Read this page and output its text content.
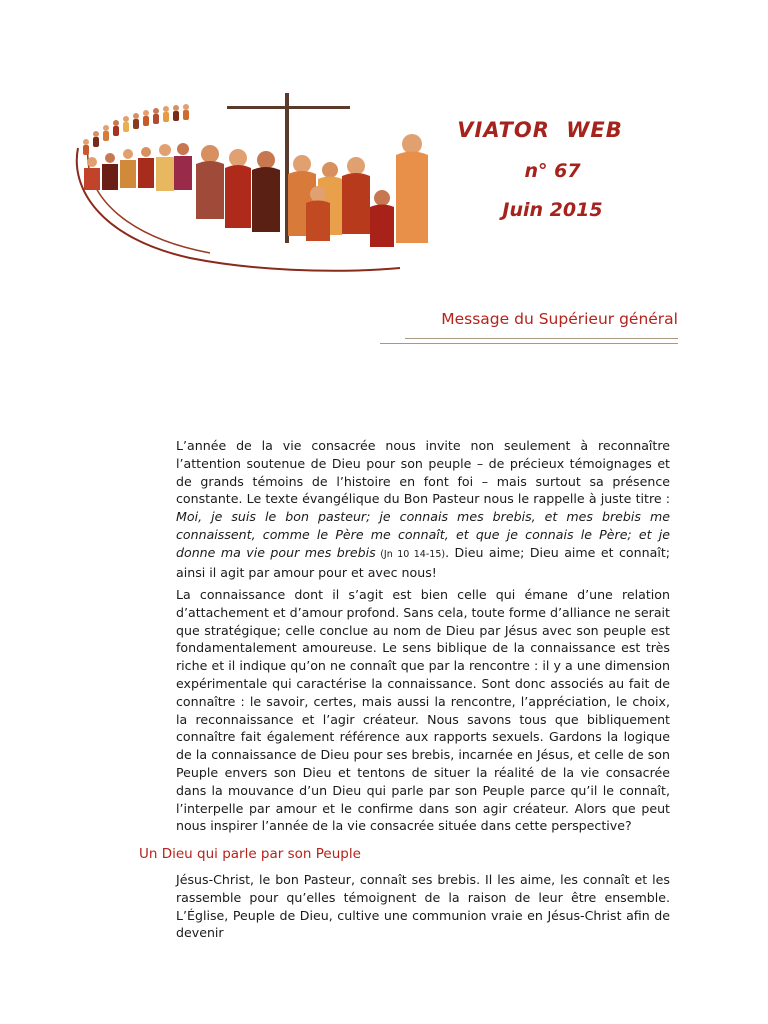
VIATOR WEB
n° 67
Juin 2015
Message du Supérieur général

L’année de la vie consacrée nous invite non seulement à reconnaître l’attention soutenue de Dieu pour son peuple – de précieux témoignages et de grands témoins de l’histoire en font foi – mais surtout sa présence constante. Le texte évangélique du Bon Pasteur nous le rappelle à juste titre : Moi, je suis le bon pasteur; je connais mes brebis, et mes brebis me connaissent, comme le Père me connaît, et que je connais le Père; et je donne ma vie pour mes brebis (Jn 10 14-15). Dieu aime; Dieu aime et connaît; ainsi il agit par amour pour et avec nous!

La connaissance dont il s’agit est bien celle qui émane d’une relation d’attachement et d’amour profond. Sans cela, toute forme d’alliance ne serait que stratégique; celle conclue au nom de Dieu par Jésus avec son peuple est fondamentalement amoureuse. Le sens biblique de la connaissance est très riche et il indique qu’on ne connaît que par la rencontre : il y a une dimension expérimentale qui caractérise la connaissance. Sont donc associés au fait de connaître : le savoir, certes, mais aussi la rencontre, l’appréciation, le choix, la reconnaissance et l’agir créateur. Nous savons tous que bibliquement connaître fait également référence aux rapports sexuels. Gardons la logique de la connaissance de Dieu pour ses brebis, incarnée en Jésus, et celle de son Peuple envers son Dieu et tentons de situer la réalité de la vie consacrée dans la mouvance d’un Dieu qui parle par son Peuple parce qu’il le connaît, l’interpelle par amour et le confirme dans son agir créateur. Alors que peut nous inspirer l’année de la vie consacrée située dans cette perspective?

Un Dieu qui parle par son Peuple

Jésus-Christ, le bon Pasteur, connaît ses brebis. Il les aime, les connaît et les rassemble pour qu’elles témoignent de la raison de leur être ensemble. L’Église, Peuple de Dieu, cultive une communion vraie en Jésus-Christ afin de devenir
